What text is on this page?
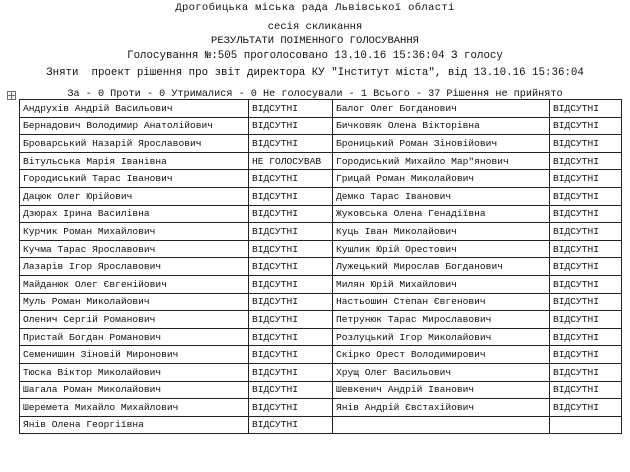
Дрогобицька міська рада Львівської області
сесія скликання
РЕЗУЛЬТАТИ ПОІМЕННОГО ГОЛОСУВАННЯ
Голосування №:505 проголосовано 13.10.16 15:36:04 З голосу
Зняти  проект рішення про звіт директора КУ "Інститут міста", від 13.10.16 15:36:04
За - 0 Проти - 0 Утрималися - 0 Не голосували - 1 Всього - 37 Рішення не прийнято
Андрухів Андрій Васильович	ВІДСУТНІ	Балог Олег Богданович	ВІДСУТНІ
Бернадович Володимир Анатолійович	ВІДСУТНІ	Бичковяк Олена Вікторівна	ВІДСУТНІ
Броварський Назарій Ярославович	ВІДСУТНІ	Броницький Роман Зіновійович	ВІДСУТНІ
Вітульська Марія Іванівна	НЕ ГОЛОСУВАВ	Городиський Михайло Мар"янович	ВІДСУТНІ
Городиський Тарас Іванович	ВІДСУТНІ	Грицай Роман Миколайович	ВІДСУТНІ
Дацюк Олег Юрійович	ВІДСУТНІ	Демко Тарас Іванович	ВІДСУТНІ
Дзюрах Ірина Василівна	ВІДСУТНІ	Жуковська Олена Генадіївна	ВІДСУТНІ
Курчик Роман Михайлович	ВІДСУТНІ	Куць Іван Миколайович	ВІДСУТНІ
Кучма Тарас Ярославович	ВІДСУТНІ	Кушлик Юрій Орестович	ВІДСУТНІ
Лазарів Ігор Ярославович	ВІДСУТНІ	Лужецький Мирослав Богданович	ВІДСУТНІ
Майданюк Олег Євгенійович	ВІДСУТНІ	Милян Юрій Михайлович	ВІДСУТНІ
Муль Роман Миколайович	ВІДСУТНІ	Настьошин Степан Євгенович	ВІДСУТНІ
Оленич Сергій Романович	ВІДСУТНІ	Петрунюк Тарас Мирославович	ВІДСУТНІ
Пристай Богдан Романович	ВІДСУТНІ	Розлуцький Ігор Миколайович	ВІДСУТНІ
Семенишин Зіновій Миронович	ВІДСУТНІ	Скірко Орест Володимирович	ВІДСУТНІ
Тюска Віктор Миколайович	ВІДСУТНІ	Хрущ Олег Васильович	ВІДСУТНІ
Шагала Роман Миколайович	ВІДСУТНІ	Шевкенич Андрій Іванович	ВІДСУТНІ
Шеремета Михайло Михайлович	ВІДСУТНІ	Янів Андрій Євстахійович	ВІДСУТНІ
Янів Олена Георгіївна	ВІДСУТНІ		
